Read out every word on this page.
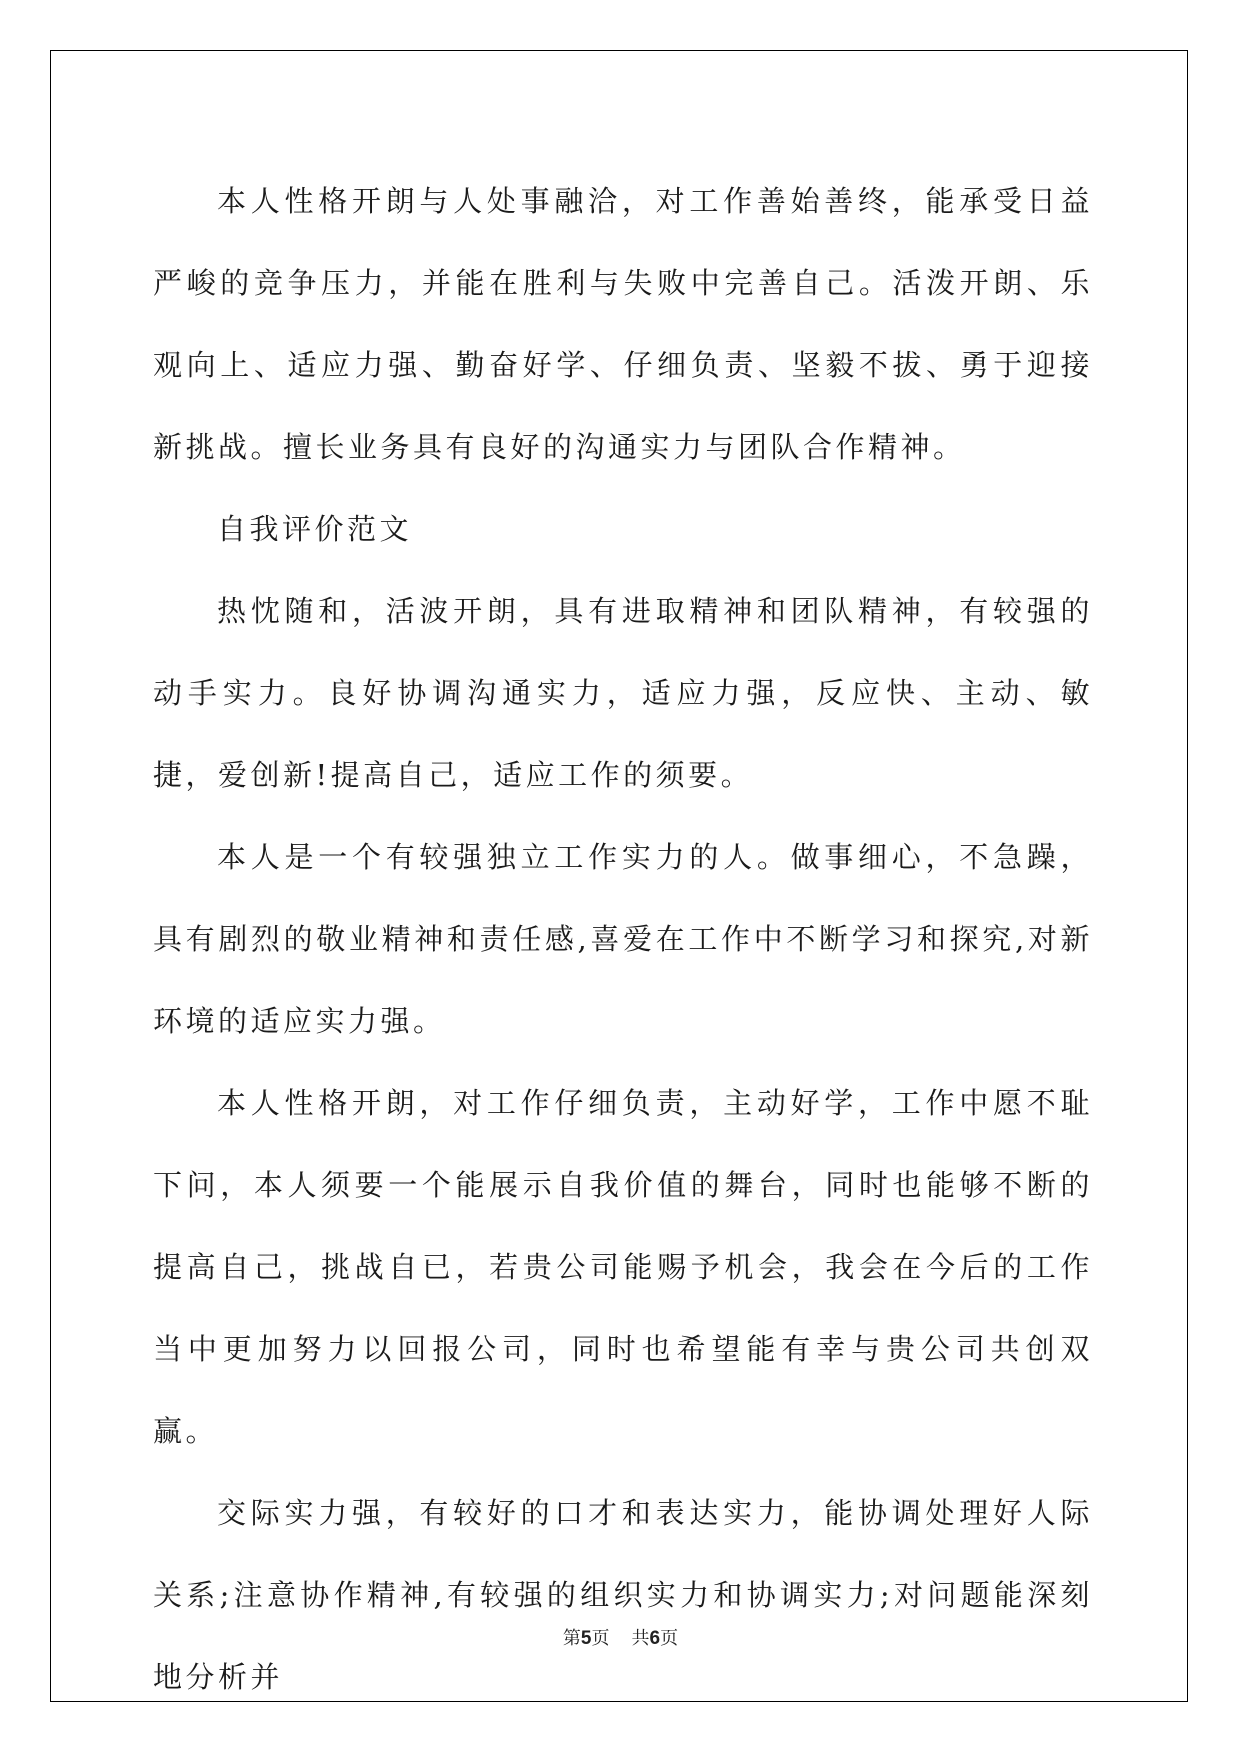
本人性格开朗与人处事融洽，对工作善始善终，能承受日益严峻的竞争压力，并能在胜利与失败中完善自己。活泼开朗、乐观向上、适应力强、勤奋好学、仔细负责、坚毅不拔、勇于迎接新挑战。擅长业务具有良好的沟通实力与团队合作精神。

自我评价范文

热忱随和，活波开朗，具有进取精神和团队精神，有较强的动手实力。良好协调沟通实力，适应力强，反应快、主动、敏捷，爱创新!提高自己，适应工作的须要。

本人是一个有较强独立工作实力的人。做事细心，不急躁，具有剧烈的敬业精神和责任感,喜爱在工作中不断学习和探究,对新环境的适应实力强。

本人性格开朗，对工作仔细负责，主动好学，工作中愿不耻下问，本人须要一个能展示自我价值的舞台，同时也能够不断的提高自己，挑战自已，若贵公司能赐予机会，我会在今后的工作当中更加努力以回报公司，同时也希望能有幸与贵公司共创双赢。

交际实力强，有较好的口才和表达实力，能协调处理好人际关系;注意协作精神,有较强的组织实力和协调实力;对问题能深刻地分析并

第5页 共6页
